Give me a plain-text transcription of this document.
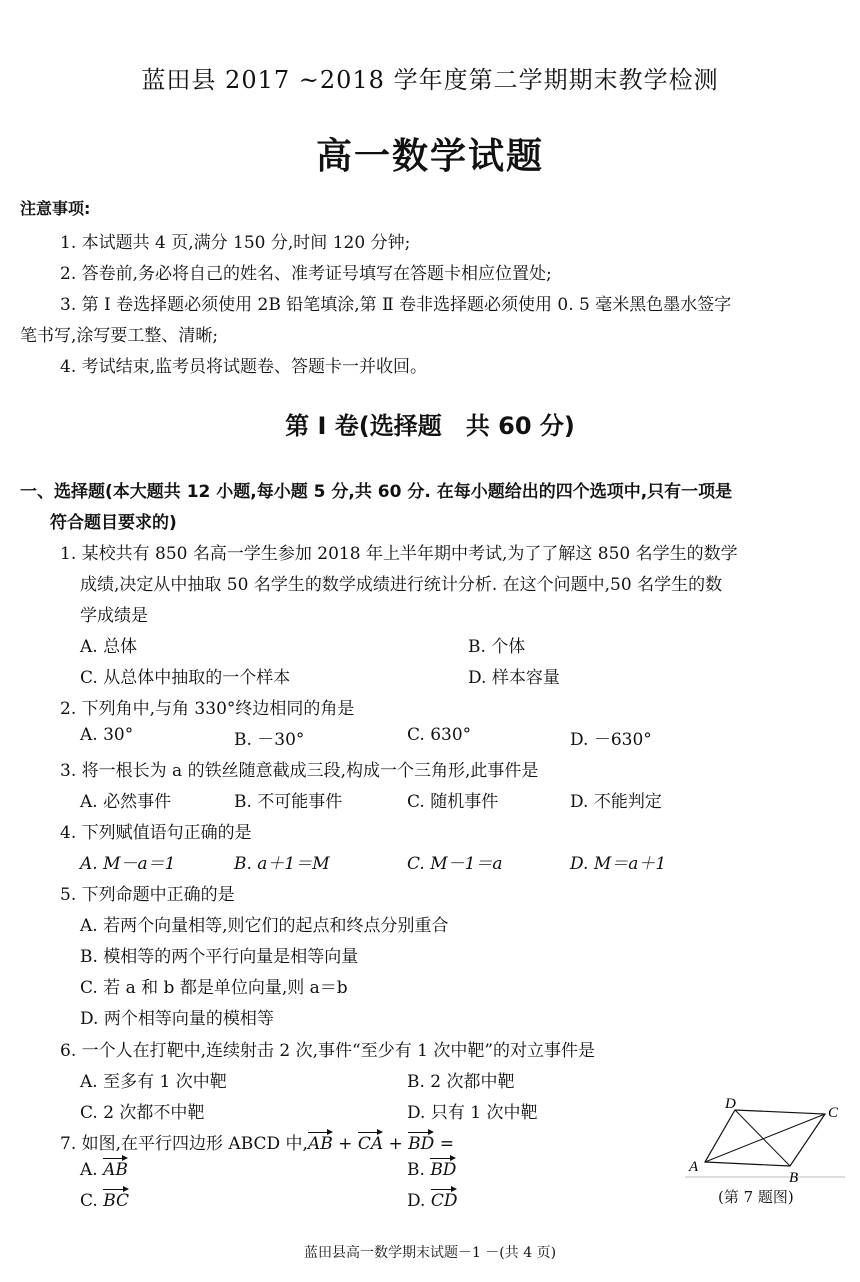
蓝田县 2017 ~2018 学年度第二学期期末教学检测
高一数学试题
注意事项:
1. 本试题共 4 页,满分 150 分,时间 120 分钟;
2. 答卷前,务必将自己的姓名、准考证号填写在答题卡相应位置处;
3. 第 Ⅰ 卷选择题必须使用 2B 铅笔填涂,第 Ⅱ 卷非选择题必须使用 0. 5 毫米黑色墨水签字
笔书写,涂写要工整、清晰;
4. 考试结束,监考员将试题卷、答题卡一并收回。
第 Ⅰ 卷(选择题　共 60 分)
一、选择题(本大题共 12 小题,每小题 5 分,共 60 分. 在每小题给出的四个选项中,只有一项是
符合题目要求的)
1. 某校共有 850 名高一学生参加 2018 年上半年期中考试,为了了解这 850 名学生的数学
成绩,决定从中抽取 50 名学生的数学成绩进行统计分析. 在这个问题中,50 名学生的数
学成绩是
A. 总体	B. 个体
C. 从总体中抽取的一个样本	D. 样本容量
2. 下列角中,与角 330°终边相同的角是
A. 30°	B. －30°	C. 630°	D. －630°
3. 将一根长为 a 的铁丝随意截成三段,构成一个三角形,此事件是
A. 必然事件	B. 不可能事件	C. 随机事件	D. 不能判定
4. 下列赋值语句正确的是
A. M－a＝1	B. a＋1＝M	C. M－1＝a	D. M＝a＋1
5. 下列命题中正确的是
A. 若两个向量相等,则它们的起点和终点分别重合
B. 模相等的两个平行向量是相等向量
C. 若 a 和 b 都是单位向量,则 a＝b
D. 两个相等向量的模相等
6. 一个人在打靶中,连续射击 2 次,事件“至少有 1 次中靶”的对立事件是
A. 至多有 1 次中靶	B. 2 次都中靶
C. 2 次都不中靶	D. 只有 1 次中靶
7. 如图,在平行四边形 ABCD 中,AB + CA + BD =
A. AB	B. BD
C. BC	D. CD
A
B
C
D
(第 7 题图)
蓝田县高一数学期末试题－1 －(共 4 页)
